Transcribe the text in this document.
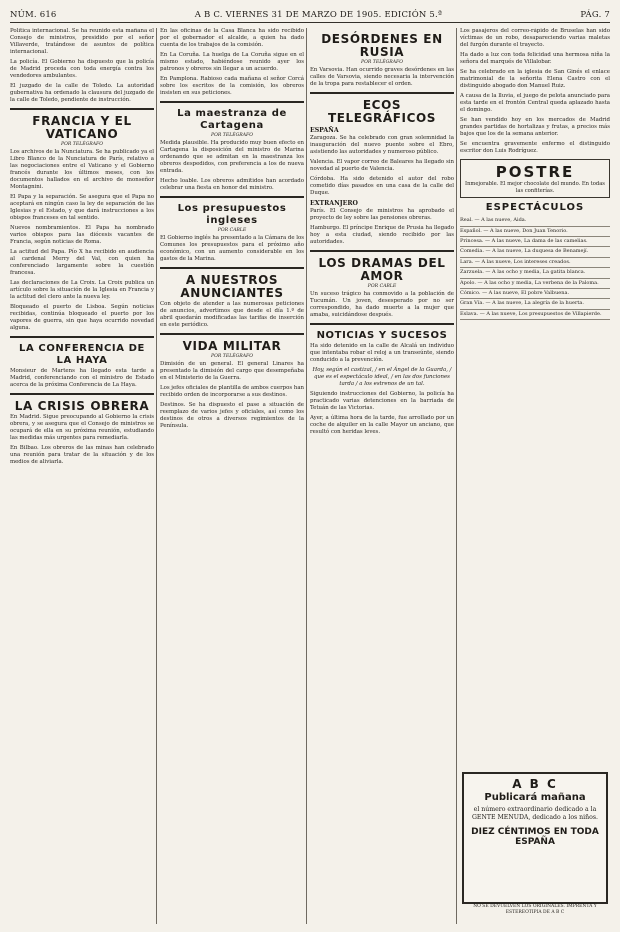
NÚM. 616	A B C. VIERNES 31 DE MARZO DE 1905. EDICIÓN 5.ª	PÁG. 7

Política internacional. Se ha reunido esta mañana el Consejo de ministros, presidido por el señor Villaverde, tratándose de asuntos de política internacional.

La policía. El Gobierno ha dispuesto que la policía de Madrid proceda con toda energía contra los vendedores ambulantes.

El juzgado de la calle de Toledo. La autoridad gubernativa ha ordenado la clausura del juzgado de la calle de Toledo, pendiente de instrucción.

FRANCIA Y EL VATICANO
POR TELÉGRAFO

Los archivos de la Nunciatura. Se ha publicado ya el Libro Blanco de la Nunciatura de París, relativo a las negociaciones entre el Vaticano y el Gobierno francés durante los últimos meses, con los documentos hallados en el archivo de monseñor Montagnini.

El Papa y la separación. Se asegura que el Papa no aceptará en ningún caso la ley de separación de las Iglesias y el Estado, y que dará instrucciones a los obispos franceses en tal sentido.

Nuevos nombramientos. El Papa ha nombrado varios obispos para las diócesis vacantes de Francia, según noticias de Roma.

La actitud del Papa. Pío X ha recibido en audiencia al cardenal Merry del Val, con quien ha conferenciado largamente sobre la cuestión francesa.

Las declaraciones de La Croix. La Croix publica un artículo sobre la situación de la Iglesia en Francia y la actitud del clero ante la nueva ley.

Bloqueado el puerto de Lisboa. Según noticias recibidas, continúa bloqueado el puerto por los vapores de guerra, sin que haya ocurrido novedad alguna.

LA CONFERENCIA DE LA HAYA

Monsieur de Martens ha llegado esta tarde a Madrid, conferenciando con el ministro de Estado acerca de la próxima Conferencia de La Haya.

LA CRISIS OBRERA

En Madrid. Sigue preocupando al Gobierno la crisis obrera, y se asegura que el Consejo de ministros se ocupará de ella en su próxima reunión, estudiando las medidas más urgentes para remediarla.

En Bilbao. Los obreros de las minas han celebrado una reunión para tratar de la situación y de los medios de aliviarla.

En las oficinas de la Casa Blanca ha sido recibido por el gobernador el alcalde, a quien ha dado cuenta de los trabajos de la comisión.

En La Coruña. La huelga de La Coruña sigue en el mismo estado, habiéndose reunido ayer los patronos y obreros sin llegar a un acuerdo.

En Pamplona. Rabioso cada mañana el señor Corcá sobre los escritos de la comisión, los obreros insisten en sus peticiones.

La maestranza de Cartagena
POR TELÉGRAFO

Medida plausible. Ha producido muy buen efecto en Cartagena la disposición del ministro de Marina ordenando que se admitan en la maestranza los obreros despedidos, con preferencia a los de nueva entrada.

Hecho loable. Los obreros admitidos han acordado celebrar una fiesta en honor del ministro.

Los presupuestos ingleses
POR CABLE

El Gobierno inglés ha presentado a la Cámara de los Comunes los presupuestos para el próximo año económico, con un aumento considerable en los gastos de la Marina.

A NUESTROS ANUNCIANTES

Con objeto de atender a las numerosas peticiones de anuncios, advertimos que desde el día 1.º de abril quedarán modificadas las tarifas de inserción en este periódico.

VIDA MILITAR
POR TELÉGRAFO

Dimisión de un general. El general Linares ha presentado la dimisión del cargo que desempeñaba en el Ministerio de la Guerra.

Los jefes oficiales de plantilla de ambos cuerpos han recibido orden de incorporarse a sus destinos.

Destinos. Se ha dispuesto el pase a situación de reemplazo de varios jefes y oficiales, así como los destinos de otros a diversos regimientos de la Península.

DESÓRDENES EN RUSIA
POR TELÉGRAFO

En Varsovia. Han ocurrido graves desórdenes en las calles de Varsovia, siendo necesaria la intervención de la tropa para restablecer el orden.

ECOS TELEGRÁFICOS
ESPAÑA

Zaragoza. Se ha celebrado con gran solemnidad la inauguración del nuevo puente sobre el Ebro, asistiendo las autoridades y numeroso público.

Valencia. El vapor correo de Baleares ha llegado sin novedad al puerto de Valencia.

Córdoba. Ha sido detenido el autor del robo cometido días pasados en una casa de la calle del Duque.

EXTRANJERO

París. El Consejo de ministros ha aprobado el proyecto de ley sobre las pensiones obreras.

Hamburgo. El príncipe Enrique de Prusia ha llegado hoy a esta ciudad, siendo recibido por las autoridades.

LOS DRAMAS DEL AMOR
POR CABLE

Un suceso trágico ha conmovido a la población de Tucumán. Un joven, desesperado por no ser correspondido, ha dado muerte a la mujer que amaba, suicidándose después.

NOTICIAS Y SUCESOS

Ha sido detenido en la calle de Alcalá un individuo que intentaba robar el reloj a un transeúnte, siendo conducido a la prevención.

Hoy, según el castizal, / en el Ángel de la Guarda, / que es el espectáculo ideal, / en las dos funciones tarda / a los estrenos de un tal.

Siguiendo instrucciones del Gobierno, la policía ha practicado varias detenciones en la barriada de Tetuán de las Victorias.

Ayer, a última hora de la tarde, fue arrollado por un coche de alquiler en la calle Mayor un anciano, que resultó con heridas leves.

Los pasajeros del correo-rápido de Bruselas han sido víctimas de un robo, desapareciendo varias maletas del furgón durante el trayecto.

Ha dado a luz con toda felicidad una hermosa niña la señora del marqués de Villalobar.

Se ha celebrado en la iglesia de San Ginés el enlace matrimonial de la señorita Elena Castro con el distinguido abogado don Manuel Ruiz.

A causa de la lluvia, el juego de pelota anunciado para esta tarde en el frontón Central queda aplazado hasta el domingo.

Se han vendido hoy en los mercados de Madrid grandes partidas de hortalizas y frutas, a precios más bajos que los de la semana anterior.

Se encuentra gravemente enfermo el distinguido escritor don Luis Rodríguez.

POSTRE
Inmejorable. El mejor chocolate del mundo. En todas las confiterías.
ESPECTÁCULOS
Real. — A las nueve, Aida.
Español. — A las nueve, Don Juan Tenorio.
Princesa. — A las nueve, La dama de las camelias.
Comedia. — A las nueve, La duquesa de Benamejí.
Lara. — A las nueve, Los intereses creados.
Zarzuela. — A las ocho y media, La gatita blanca.
Apolo. — A las ocho y media, La verbena de la Paloma.
Cómico. — A las nueve, El pobre Valbuena.
Gran Vía. — A las nueve, La alegría de la huerta.
Eslava. — A las nueve, Los presupuestos de Villapierde.
A B C
Publicará mañana
el número extraordinario dedicado a la GENTE MENUDA, dedicado a los niños.
DIEZ CÉNTIMOS EN TODA ESPAÑA
NO SE DEVUELVEN LOS ORIGINALES. IMPRENTA Y ESTEREOTIPIA DE A B C
